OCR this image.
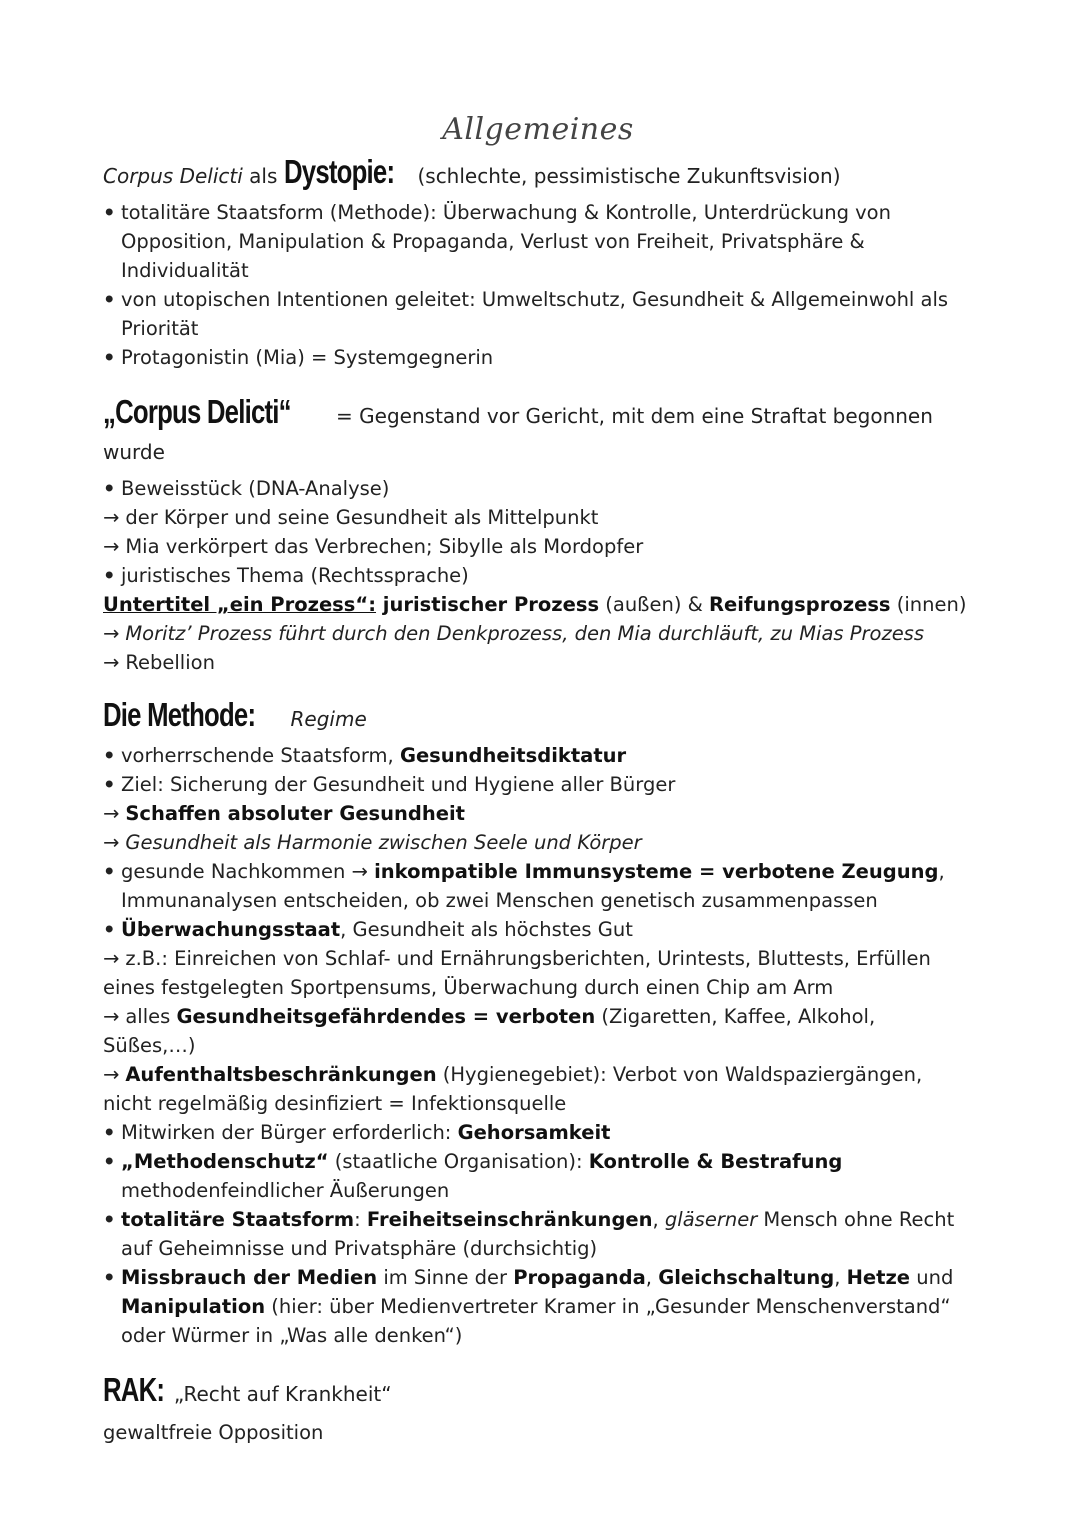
Allgemeines

Corpus Delicti als Dystopie: (schlechte, pessimistische Zukunftsvision)

• totalitäre Staatsform (Methode): Überwachung & Kontrolle, Unterdrückung von Opposition, Manipulation & Propaganda, Verlust von Freiheit, Privatsphäre & Individualität

• von utopischen Intentionen geleitet: Umweltschutz, Gesundheit & Allgemeinwohl als Priorität

• Protagonistin (Mia) = Systemgegnerin

„Corpus Delicti“ = Gegenstand vor Gericht, mit dem eine Straftat begonnen wurde

• Beweisstück (DNA-Analyse)

→ der Körper und seine Gesundheit als Mittelpunkt

→ Mia verkörpert das Verbrechen; Sibylle als Mordopfer

• juristisches Thema (Rechtssprache)

Untertitel „ein Prozess“: juristischer Prozess (außen) & Reifungsprozess (innen)

→ Moritz’ Prozess führt durch den Denkprozess, den Mia durchläuft, zu Mias Prozess

→ Rebellion

Die Methode: Regime

• vorherrschende Staatsform, Gesundheitsdiktatur

• Ziel: Sicherung der Gesundheit und Hygiene aller Bürger

→ Schaffen absoluter Gesundheit

→ Gesundheit als Harmonie zwischen Seele und Körper

• gesunde Nachkommen → inkompatible Immunsysteme = verbotene Zeugung, Immunanalysen entscheiden, ob zwei Menschen genetisch zusammenpassen

• Überwachungsstaat, Gesundheit als höchstes Gut

→ z.B.: Einreichen von Schlaf- und Ernährungsberichten, Urintests, Bluttests, Erfüllen eines festgelegten Sportpensums, Überwachung durch einen Chip am Arm

→ alles Gesundheitsgefährdendes = verboten (Zigaretten, Kaffee, Alkohol, Süßes,…)

→ Aufenthaltsbeschränkungen (Hygienegebiet): Verbot von Waldspaziergängen, nicht regelmäßig desinfiziert = Infektionsquelle

• Mitwirken der Bürger erforderlich: Gehorsamkeit

• „Methodenschutz“ (staatliche Organisation): Kontrolle & Bestrafung methodenfeindlicher Äußerungen

• totalitäre Staatsform: Freiheitseinschränkungen, gläserner Mensch ohne Recht auf Geheimnisse und Privatsphäre (durchsichtig)

• Missbrauch der Medien im Sinne der Propaganda, Gleichschaltung, Hetze und Manipulation (hier: über Medienvertreter Kramer in „Gesunder Menschenverstand“ oder Würmer in „Was alle denken“)

RAK: „Recht auf Krankheit“

gewaltfreie Opposition
